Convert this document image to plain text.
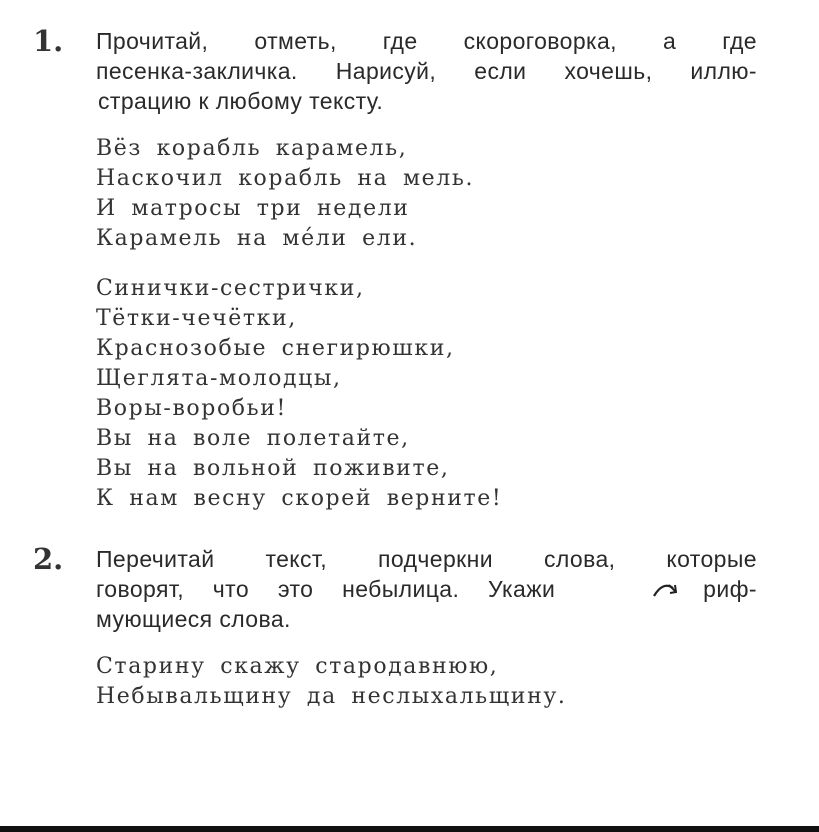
1. Прочитай, отметь, где скороговорка, а где
песенка-закличка. Нарисуй, если хочешь, иллю-
страцию к любому тексту.
Вёз корабль карамель,
Наскочил корабль на мель.
И матросы три недели
Карамель на ме́ли ели.
Синички-сестрички,
Тётки-чечётки,
Краснозобые снегирюшки,
Щеглята-молодцы,
Воры-воробьи!
Вы на воле полетайте,
Вы на вольной поживите,
К нам весну скорей верните!
2. Перечитай текст, подчеркни слова, которые
говорят, что это небылица. Укажи	риф-
мующиеся слова.
Старину скажу стародавнюю,
Небывальщину да неслыхальщину.
